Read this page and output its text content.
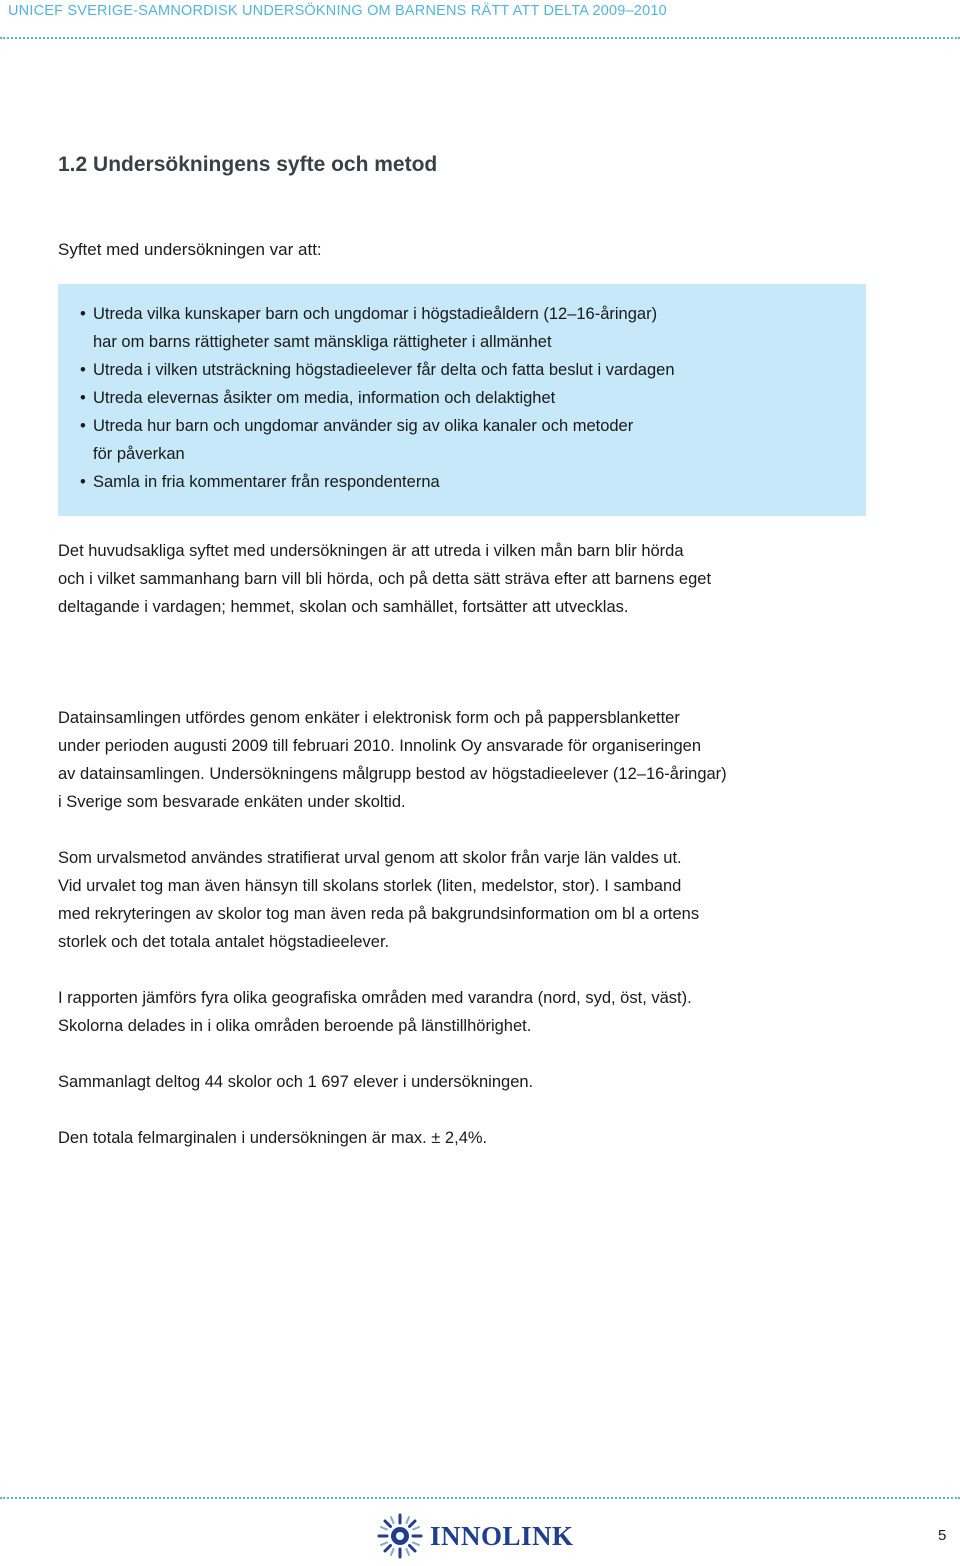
UNICEF SVERIGE-SAMNORDISK UNDERSÖKNING OM BARNENS RÄTT ATT DELTA 2009–2010
1.2 Undersökningens syfte och metod
Syftet med undersökningen var att:
• Utreda vilka kunskaper barn och ungdomar i högstadieåldern (12–16-åringar)
har om barns rättigheter samt mänskliga rättigheter i allmänhet
• Utreda i vilken utsträckning högstadieelever får delta och fatta beslut i vardagen
• Utreda elevernas åsikter om media, information och delaktighet
• Utreda hur barn och ungdomar använder sig av olika kanaler och metoder
för påverkan
• Samla in fria kommentarer från respondenterna
Det huvudsakliga syftet med undersökningen är att utreda i vilken mån barn blir hörda
och i vilket sammanhang barn vill bli hörda, och på detta sätt sträva efter att barnens eget
deltagande i vardagen; hemmet, skolan och samhället, fortsätter att utvecklas.
Datainsamlingen utfördes genom enkäter i elektronisk form och på pappersblanketter
under perioden augusti 2009 till februari 2010. Innolink Oy ansvarade för organiseringen
av datainsamlingen. Undersökningens målgrupp bestod av högstadieelever (12–16-åringar)
i Sverige som besvarade enkäten under skoltid.
Som urvalsmetod användes stratifierat urval genom att skolor från varje län valdes ut.
Vid urvalet tog man även hänsyn till skolans storlek (liten, medelstor, stor). I samband
med rekryteringen av skolor tog man även reda på bakgrundsinformation om bl a ortens
storlek och det totala antalet högstadieelever.
I rapporten jämförs fyra olika geografiska områden med varandra (nord, syd, öst, väst).
Skolorna delades in i olika områden beroende på länstillhörighet.
Sammanlagt deltog 44 skolor och 1 697 elever i undersökningen.
Den totala felmarginalen i undersökningen är max. ± 2,4%.
INNOLINK	5
